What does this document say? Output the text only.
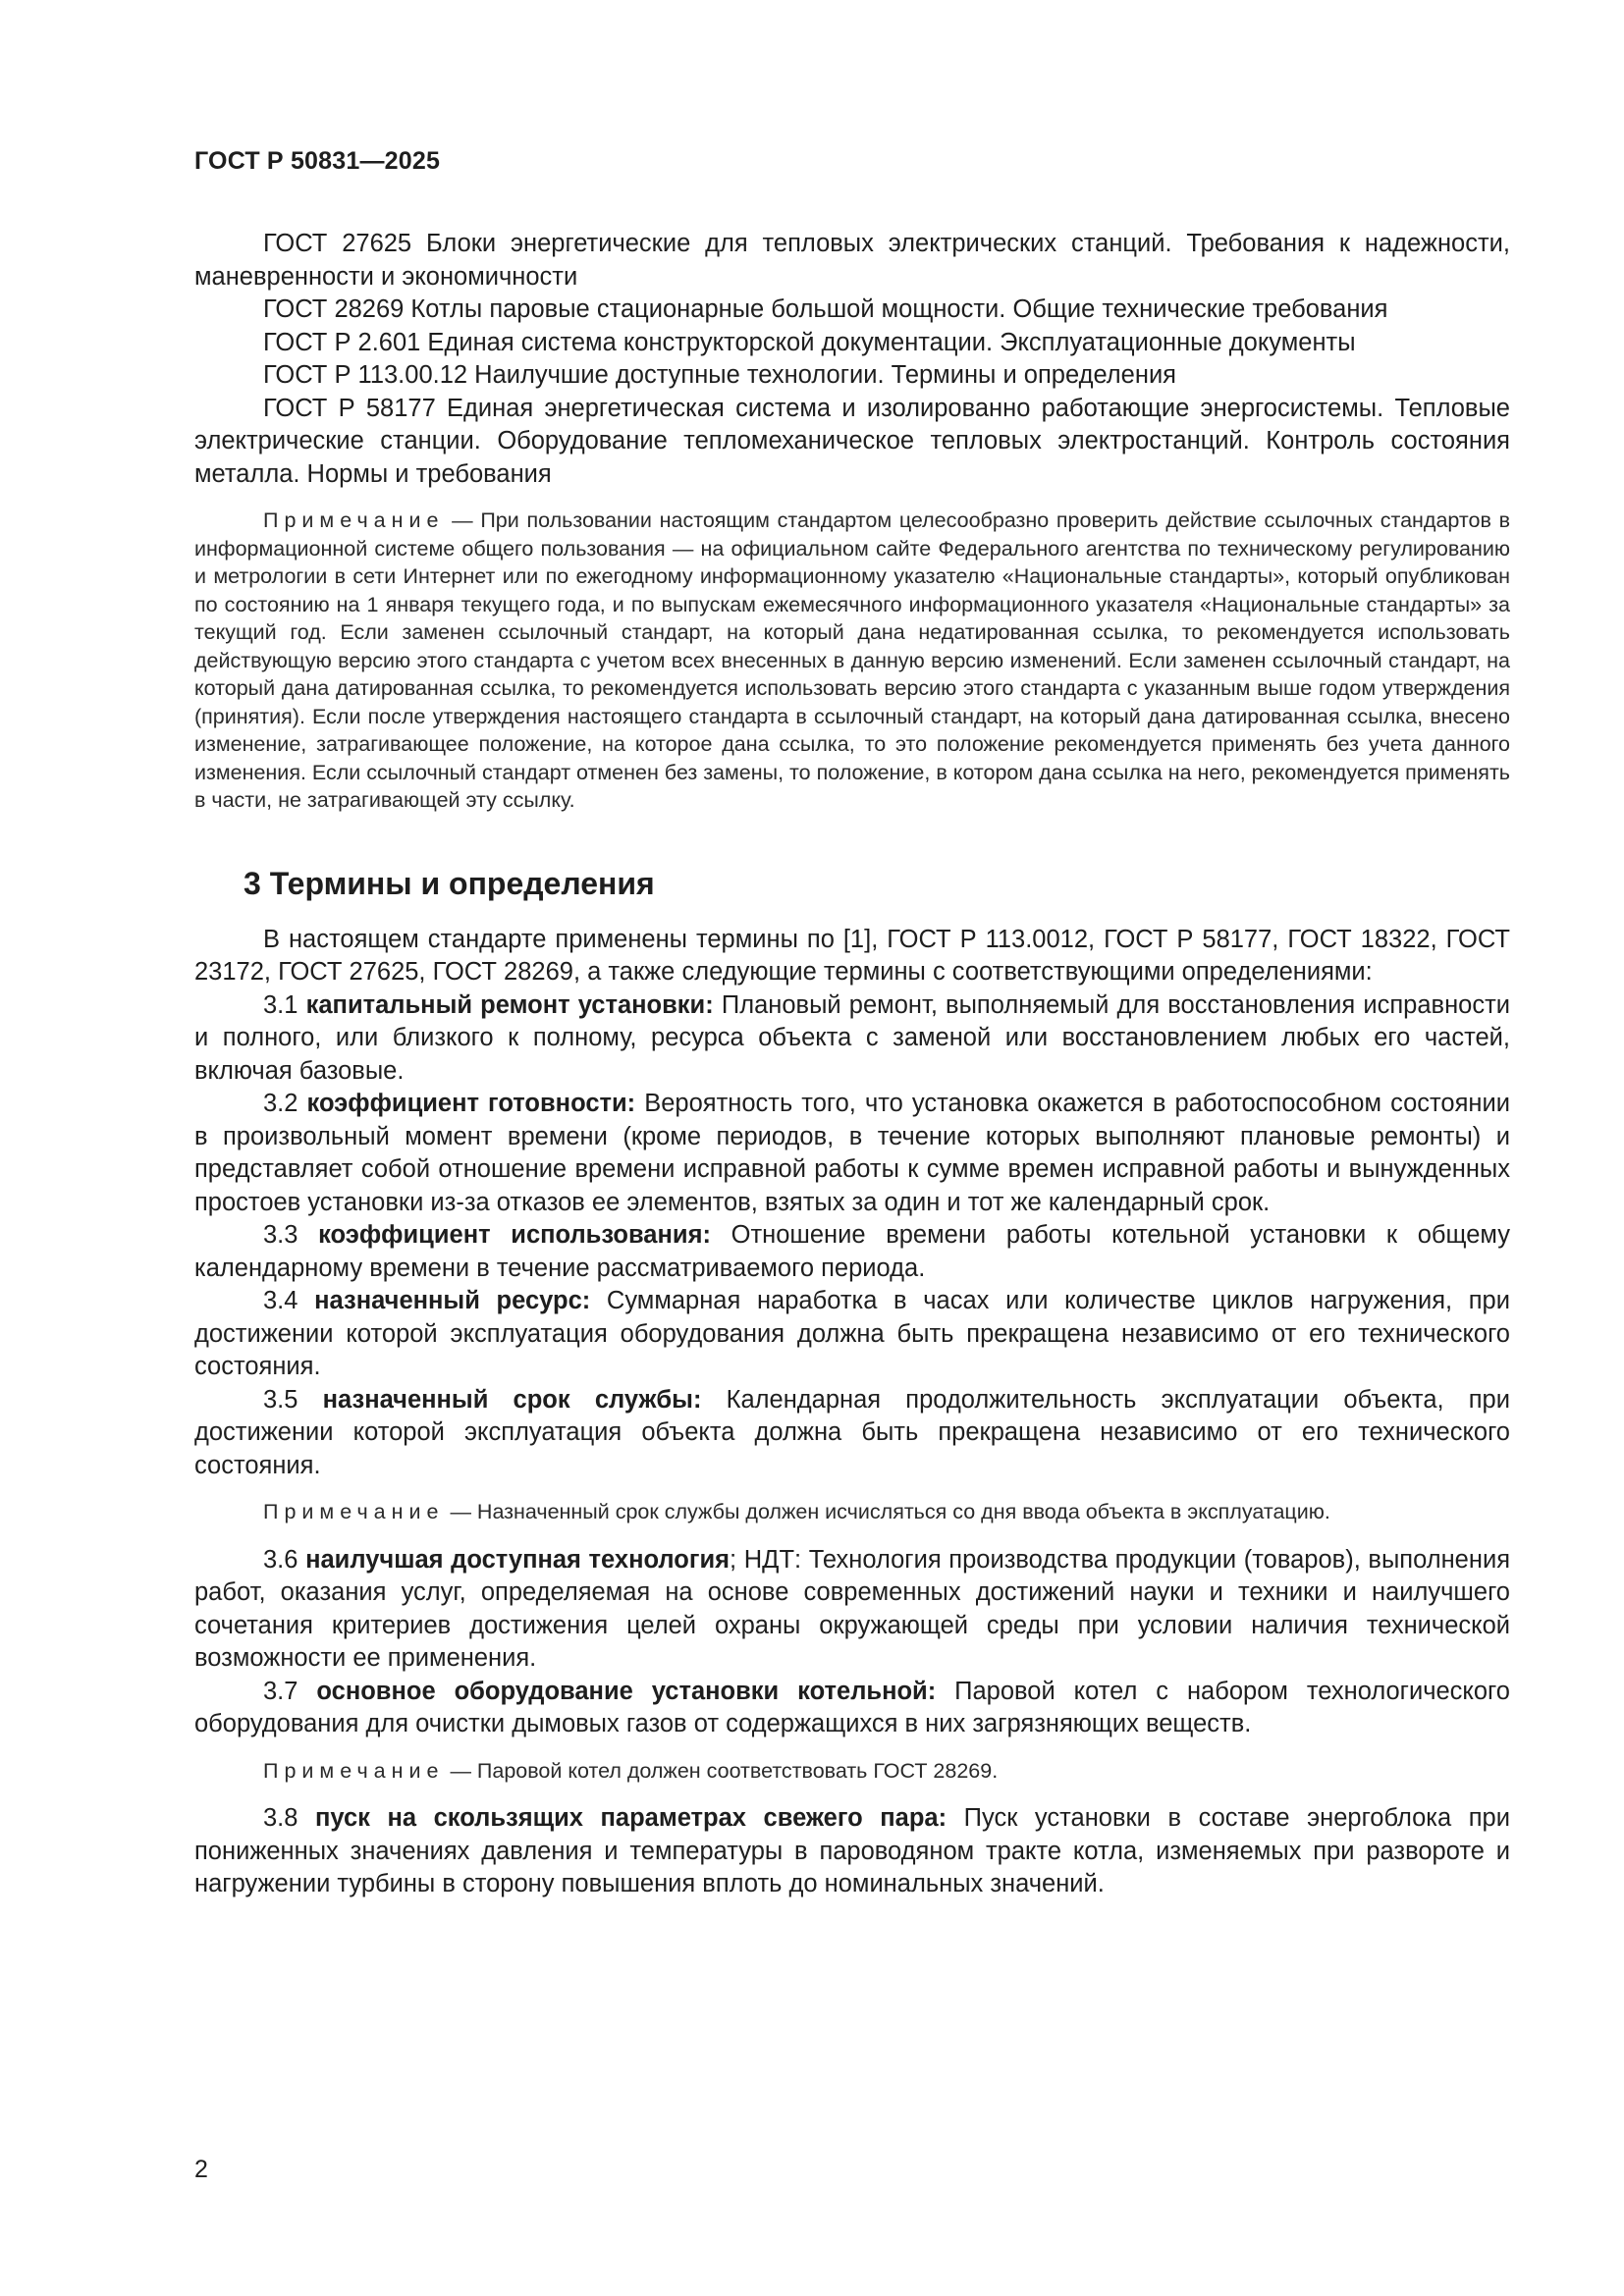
ГОСТ Р 50831—2025

ГОСТ 27625 Блоки энергетические для тепловых электрических станций. Требования к надежности, маневренности и экономичности

ГОСТ 28269 Котлы паровые стационарные большой мощности. Общие технические требования

ГОСТ Р 2.601 Единая система конструкторской документации. Эксплуатационные документы

ГОСТ Р 113.00.12 Наилучшие доступные технологии. Термины и определения

ГОСТ Р 58177 Единая энергетическая система и изолированно работающие энергосистемы. Тепловые электрические станции. Оборудование тепломеханическое тепловых электростанций. Контроль состояния металла. Нормы и требования

Примечание — При пользовании настоящим стандартом целесообразно проверить действие ссылочных стандартов в информационной системе общего пользования — на официальном сайте Федерального агентства по техническому регулированию и метрологии в сети Интернет или по ежегодному информационному указателю «Национальные стандарты», который опубликован по состоянию на 1 января текущего года, и по выпускам ежемесячного информационного указателя «Национальные стандарты» за текущий год. Если заменен ссылочный стандарт, на который дана недатированная ссылка, то рекомендуется использовать действующую версию этого стандарта с учетом всех внесенных в данную версию изменений. Если заменен ссылочный стандарт, на который дана датированная ссылка, то рекомендуется использовать версию этого стандарта с указанным выше годом утверждения (принятия). Если после утверждения настоящего стандарта в ссылочный стандарт, на который дана датированная ссылка, внесено изменение, затрагивающее положение, на которое дана ссылка, то это положение рекомендуется применять без учета данного изменения. Если ссылочный стандарт отменен без замены, то положение, в котором дана ссылка на него, рекомендуется применять в части, не затрагивающей эту ссылку.

3 Термины и определения

В настоящем стандарте применены термины по [1], ГОСТ Р 113.0012, ГОСТ Р 58177, ГОСТ 18322, ГОСТ 23172, ГОСТ 27625, ГОСТ 28269, а также следующие термины с соответствующими определениями:

3.1 капитальный ремонт установки: Плановый ремонт, выполняемый для восстановления исправности и полного, или близкого к полному, ресурса объекта с заменой или восстановлением любых его частей, включая базовые.

3.2 коэффициент готовности: Вероятность того, что установка окажется в работоспособном состоянии в произвольный момент времени (кроме периодов, в течение которых выполняют плановые ремонты) и представляет собой отношение времени исправной работы к сумме времен исправной работы и вынужденных простоев установки из-за отказов ее элементов, взятых за один и тот же календарный срок.

3.3 коэффициент использования: Отношение времени работы котельной установки к общему календарному времени в течение рассматриваемого периода.

3.4 назначенный ресурс: Суммарная наработка в часах или количестве циклов нагружения, при достижении которой эксплуатация оборудования должна быть прекращена независимо от его технического состояния.

3.5 назначенный срок службы: Календарная продолжительность эксплуатации объекта, при достижении которой эксплуатация объекта должна быть прекращена независимо от его технического состояния.

Примечание — Назначенный срок службы должен исчисляться со дня ввода объекта в эксплуатацию.

3.6 наилучшая доступная технология; НДТ: Технология производства продукции (товаров), выполнения работ, оказания услуг, определяемая на основе современных достижений науки и техники и наилучшего сочетания критериев достижения целей охраны окружающей среды при условии наличия технической возможности ее применения.

3.7 основное оборудование установки котельной: Паровой котел с набором технологического оборудования для очистки дымовых газов от содержащихся в них загрязняющих веществ.

Примечание — Паровой котел должен соответствовать ГОСТ 28269.

3.8 пуск на скользящих параметрах свежего пара: Пуск установки в составе энергоблока при пониженных значениях давления и температуры в пароводяном тракте котла, изменяемых при развороте и нагружении турбины в сторону повышения вплоть до номинальных значений.

2
